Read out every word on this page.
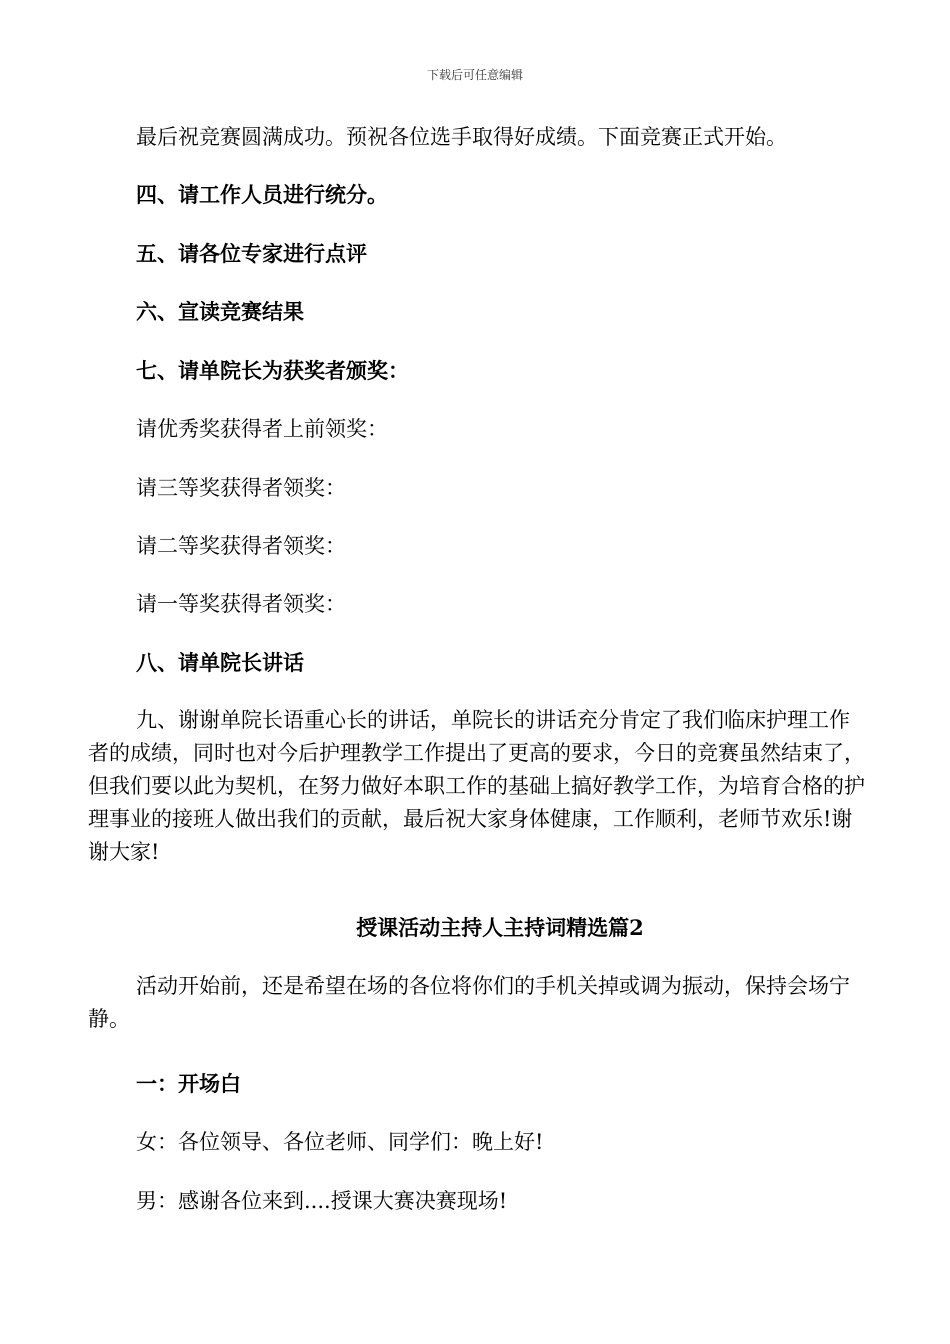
下载后可任意编辑

最后祝竞赛圆满成功。预祝各位选手取得好成绩。下面竞赛正式开始。

四、请工作人员进行统分。

五、请各位专家进行点评

六、宣读竞赛结果

七、请单院长为获奖者颁奖：

请优秀奖获得者上前领奖：

请三等奖获得者领奖：

请二等奖获得者领奖：

请一等奖获得者领奖：

八、请单院长讲话

九、谢谢单院长语重心长的讲话，单院长的讲话充分肯定了我们临床护理工作者的成绩，同时也对今后护理教学工作提出了更高的要求，今日的竞赛虽然结束了，但我们要以此为契机，在努力做好本职工作的基础上搞好教学工作，为培育合格的护理事业的接班人做出我们的贡献，最后祝大家身体健康，工作顺利，老师节欢乐!谢谢大家!

授课活动主持人主持词精选篇2

活动开始前，还是希望在场的各位将你们的手机关掉或调为振动，保持会场宁静。

一：开场白

女：各位领导、各位老师、同学们：晚上好!

男：感谢各位来到....授课大赛决赛现场!
